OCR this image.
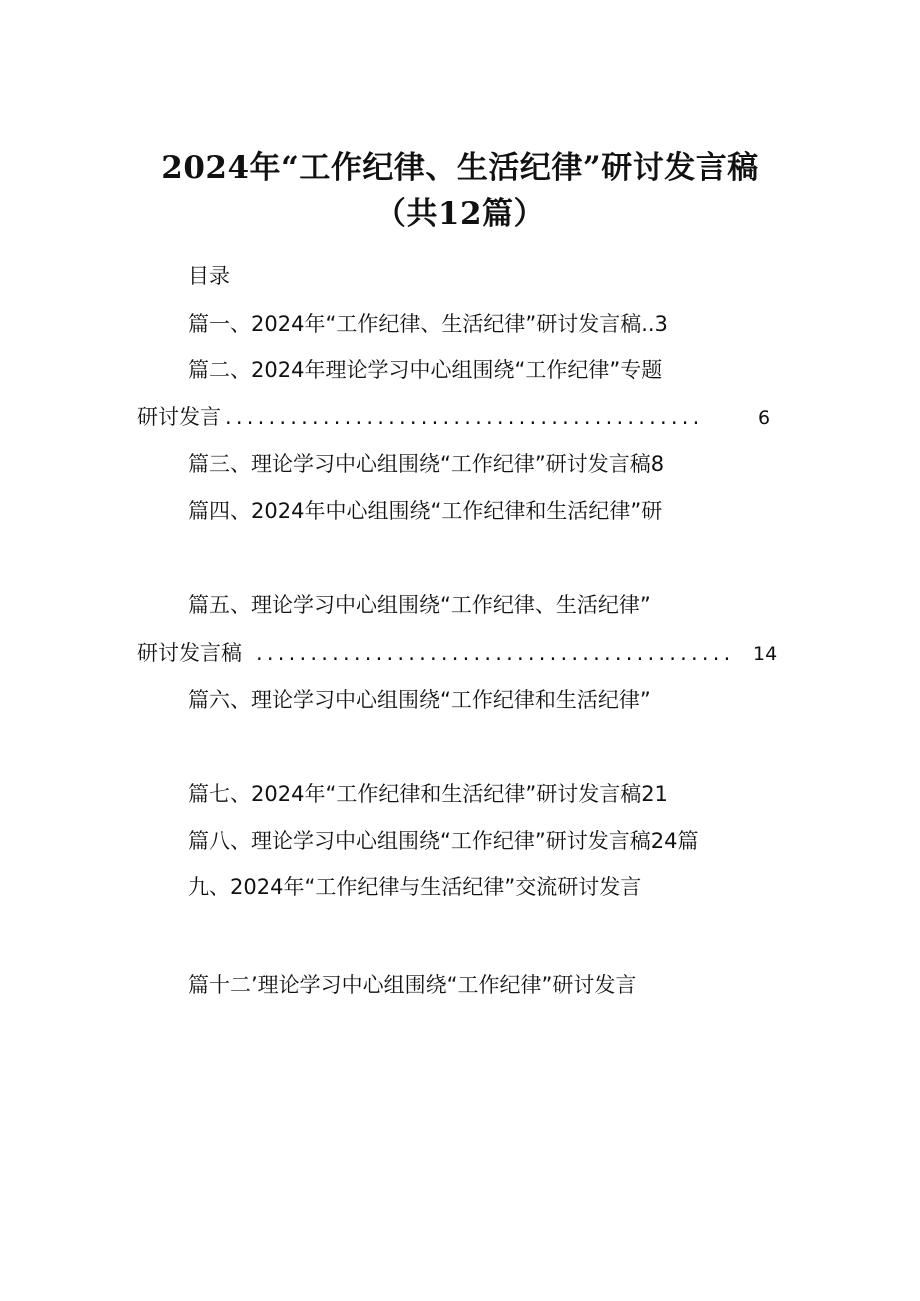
2024年“工作纪律、生活纪律”研讨发言稿
（共12篇）
目录
篇一、2024年“工作纪律、生活纪律”研讨发言稿..3
篇二、2024年理论学习中心组围绕“工作纪律”专题
研讨发言 ............................................	6
篇三、理论学习中心组围绕“工作纪律”研讨发言稿8
篇四、2024年中心组围绕“工作纪律和生活纪律”研
篇五、理论学习中心组围绕“工作纪律、生活纪律”
研讨发言稿 ............................................ 14
篇六、理论学习中心组围绕“工作纪律和生活纪律”
篇七、2024年“工作纪律和生活纪律”研讨发言稿21
篇八、理论学习中心组围绕“工作纪律”研讨发言稿24篇
九、2024年“工作纪律与生活纪律”交流研讨发言
篇十二’理论学习中心组围绕“工作纪律”研讨发言
